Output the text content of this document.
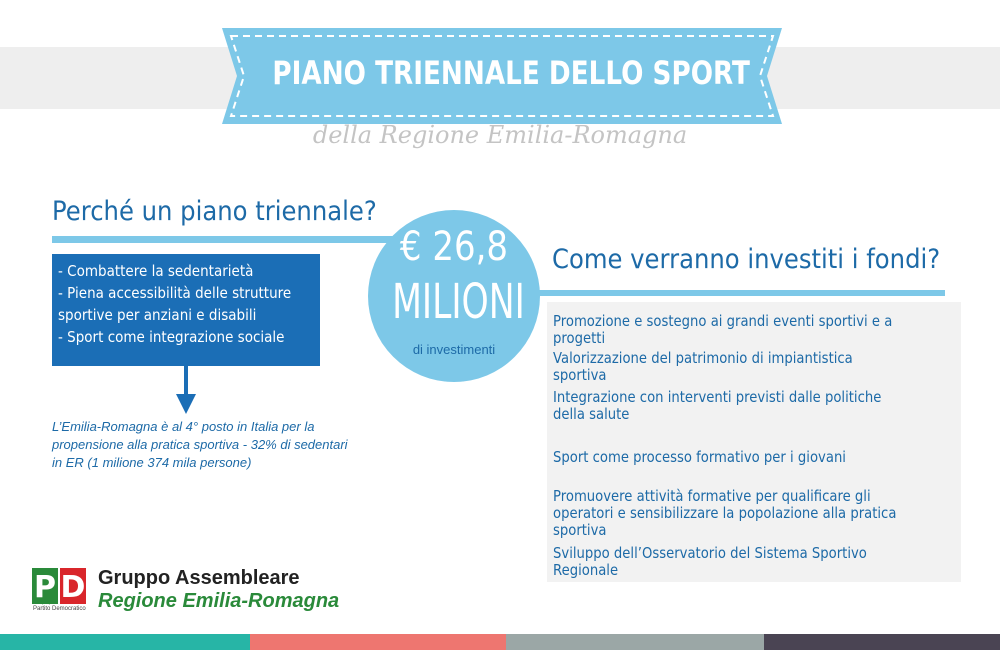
PIANO TRIENNALE DELLO SPORT
della Regione Emilia-Romagna
Perché un piano triennale?
- Combattere la sedentarietà
- Piena accessibilità delle strutture
sportive per anziani e disabili
- Sport come integrazione sociale
L’Emilia-Romagna è al 4° posto in Italia per la propensione alla pratica sportiva - 32% di sedentari in ER (1 milione 374 mila persone)
€ 26,8
MILIONI
di investimenti
Come verranno investiti i fondi?
Promozione e sostegno ai grandi eventi sportivi e a progetti
Valorizzazione del patrimonio di impiantistica sportiva
Integrazione con interventi previsti dalle politiche della salute
Sport come processo formativo per i giovani
Promuovere attività formative per qualificare gli operatori e sensibilizzare la popolazione alla pratica sportiva
Sviluppo dell’Osservatorio del Sistema Sportivo Regionale
P D
Partito Democratico
Gruppo Assembleare
Regione Emilia-Romagna
